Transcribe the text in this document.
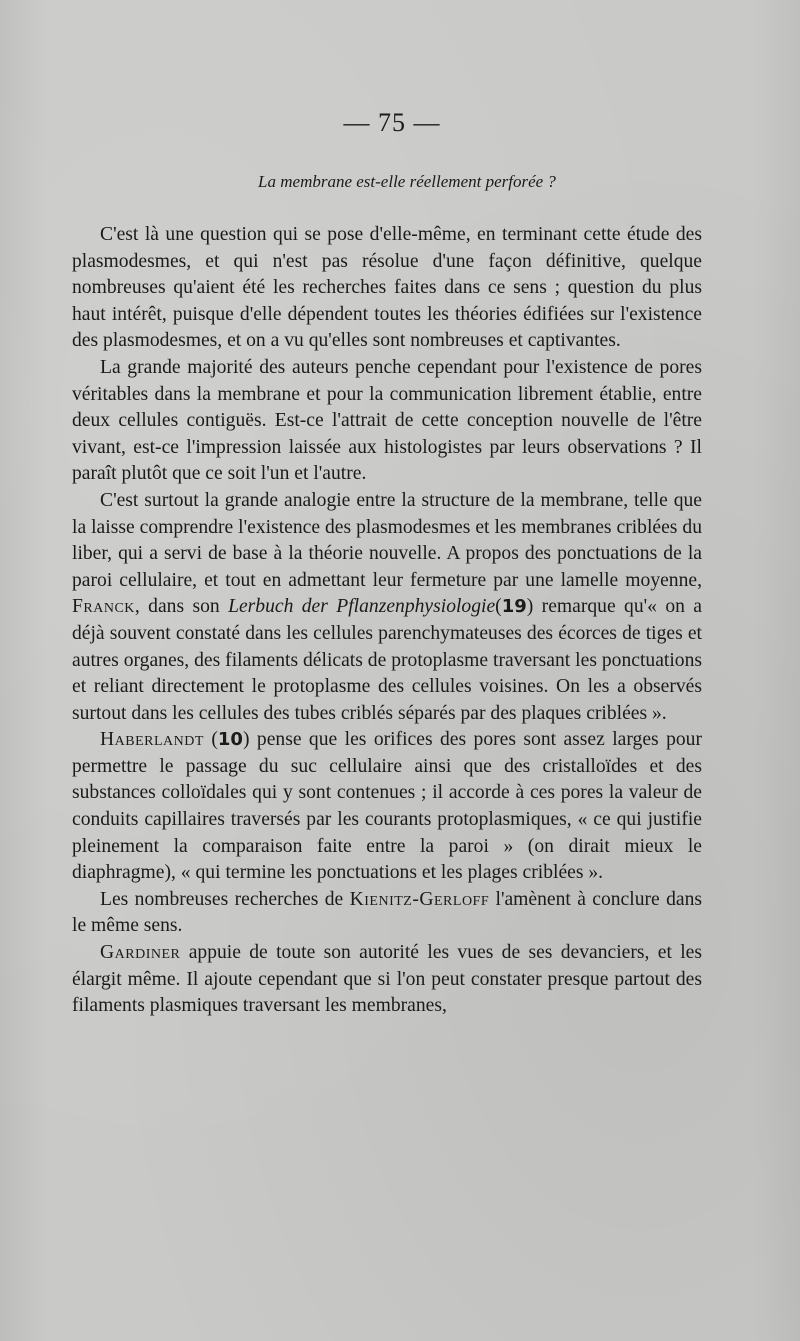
— 75 —
La membrane est-elle réellement perforée ?

C'est là une question qui se pose d'elle-même, en terminant cette étude des plasmodesmes, et qui n'est pas résolue d'une façon définitive, quelque nombreuses qu'aient été les recherches faites dans ce sens ; question du plus haut intérêt, puisque d'elle dépendent toutes les théories édifiées sur l'existence des plasmodesmes, et on a vu qu'elles sont nombreuses et captivantes.

La grande majorité des auteurs penche cependant pour l'existence de pores véritables dans la membrane et pour la communication librement établie, entre deux cellules contiguës. Est-ce l'attrait de cette conception nouvelle de l'être vivant, est-ce l'impression laissée aux histologistes par leurs observations ? Il paraît plutôt que ce soit l'un et l'autre.

C'est surtout la grande analogie entre la structure de la membrane, telle que la laisse comprendre l'existence des plasmodesmes et les membranes criblées du liber, qui a servi de base à la théorie nouvelle. A propos des ponctuations de la paroi cellulaire, et tout en admettant leur fermeture par une lamelle moyenne, Franck, dans son Lerbuch der Pflanzenphysiologie(19) remarque qu'« on a déjà souvent constaté dans les cellules parenchymateuses des écorces de tiges et autres organes, des filaments délicats de protoplasme traversant les ponctuations et reliant directement le protoplasme des cellules voisines. On les a observés surtout dans les cellules des tubes criblés séparés par des plaques criblées ».

Haberlandt (10) pense que les orifices des pores sont assez larges pour permettre le passage du suc cellulaire ainsi que des cristalloïdes et des substances colloïdales qui y sont contenues ; il accorde à ces pores la valeur de conduits capillaires traversés par les courants protoplasmiques, « ce qui justifie pleinement la comparaison faite entre la paroi » (on dirait mieux le diaphragme), « qui termine les ponctuations et les plages criblées ».

Les nombreuses recherches de Kienitz-Gerloff l'amènent à conclure dans le même sens.

Gardiner appuie de toute son autorité les vues de ses devanciers, et les élargit même. Il ajoute cependant que si l'on peut constater presque partout des filaments plasmiques traversant les membranes,
